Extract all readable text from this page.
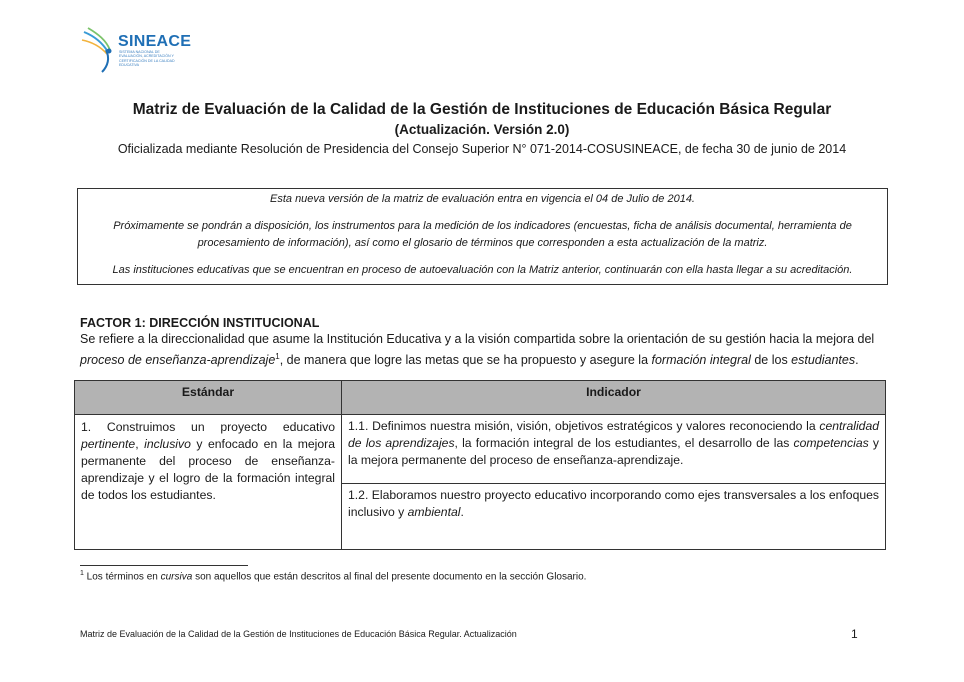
SINEACE
SISTEMA NACIONAL DE EVALUACIÓN, ACREDITACIÓN Y CERTIFICACIÓN DE LA CALIDAD EDUCATIVA
Matriz de Evaluación de la Calidad de la Gestión de Instituciones de Educación Básica Regular
(Actualización. Versión 2.0)
Oficializada mediante Resolución de Presidencia del Consejo Superior N° 071-2014-COSUSINEACE, de fecha 30 de junio de 2014

Esta nueva versión de la matriz de evaluación entra en vigencia el 04 de Julio de 2014.

Próximamente se pondrán a disposición, los instrumentos para la medición de los indicadores (encuestas, ficha de análisis documental, herramienta de procesamiento de información), así como el glosario de términos que corresponden a esta actualización de la matriz.

Las instituciones educativas que se encuentran en proceso de autoevaluación con la Matriz anterior, continuarán con ella hasta llegar a su acreditación.

FACTOR 1: DIRECCIÓN INSTITUCIONAL
Se refiere a la direccionalidad que asume la Institución Educativa y a la visión compartida sobre la orientación de su gestión hacia la mejora del proceso de enseñanza-aprendizaje$^1$, de manera que logre las metas que se ha propuesto y asegure la formación integral de los estudiantes.
Estándar	Indicador
1. Construimos un proyecto educativo pertinente, inclusivo y enfocado en la mejora permanente del proceso de enseñanza-aprendizaje y el logro de la formación integral de todos los estudiantes.	1.1. Definimos nuestra misión, visión, objetivos estratégicos y valores reconociendo la centralidad de los aprendizajes, la formación integral de los estudiantes, el desarrollo de las competencias y la mejora permanente del proceso de enseñanza-aprendizaje.
	1.2. Elaboramos nuestro proyecto educativo incorporando como ejes transversales a los enfoques inclusivo y ambiental.
$^1$ Los términos en cursiva son aquellos que están descritos al final del presente documento en la sección Glosario.
Matriz de Evaluación de la Calidad de la Gestión de Instituciones de Educación Básica Regular. Actualización	1
